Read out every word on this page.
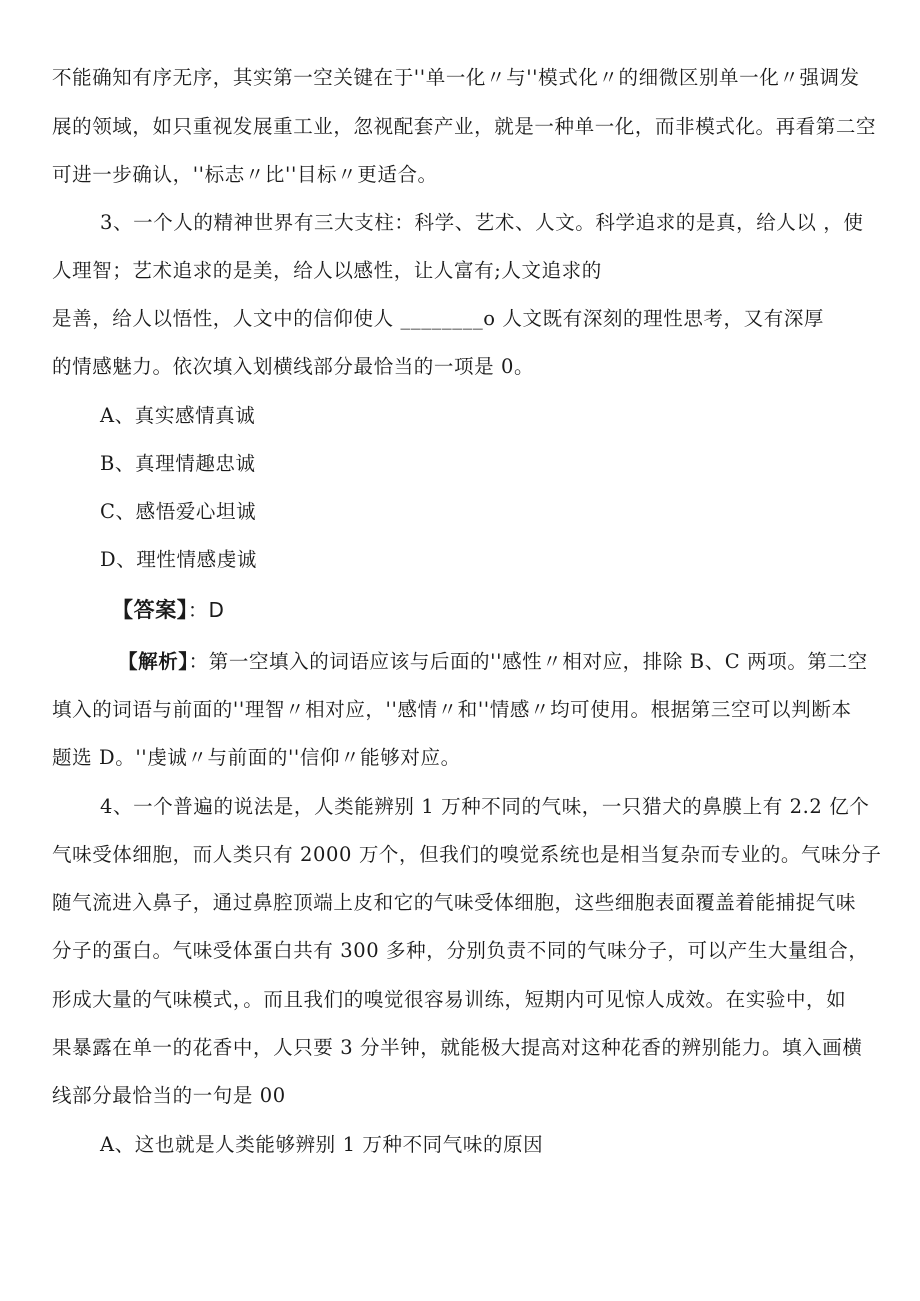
不能确知有序无序，其实第一空关键在于''单一化〃与''模式化〃的细微区别单一化〃强调发
展的领域，如只重视发展重工业，忽视配套产业，就是一种单一化，而非模式化。再看第二空
可进一步确认，''标志〃比''目标〃更适合。
3、一个人的精神世界有三大支柱：科学、艺术、人文。科学追求的是真，给人以 ，使
人理智；艺术追求的是美，给人以感性，让人富有;人文追求的
是善，给人以悟性，人文中的信仰使人 ________o 人文既有深刻的理性思考，又有深厚
的情感魅力。依次填入划横线部分最恰当的一项是 0。
A、真实感情真诚
B、真理情趣忠诚
C、感悟爱心坦诚
D、理性情感虔诚
【答案】：D
【解析】：第一空填入的词语应该与后面的''感性〃相对应，排除 B、C 两项。第二空
填入的词语与前面的''理智〃相对应，''感情〃和''情感〃均可使用。根据第三空可以判断本
题选 D。''虔诚〃与前面的''信仰〃能够对应。
4、一个普遍的说法是，人类能辨别 1 万种不同的气味，一只猎犬的鼻膜上有 2.2 亿个
气味受体细胞，而人类只有 2000 万个，但我们的嗅觉系统也是相当复杂而专业的。气味分子
随气流进入鼻子，通过鼻腔顶端上皮和它的气味受体细胞，这些细胞表面覆盖着能捕捉气味
分子的蛋白。气味受体蛋白共有 300 多种，分别负责不同的气味分子，可以产生大量组合，
形成大量的气味模式，。而且我们的嗅觉很容易训练，短期内可见惊人成效。在实验中，如
果暴露在单一的花香中，人只要 3 分半钟，就能极大提高对这种花香的辨别能力。填入画横
线部分最恰当的一句是 00
A、这也就是人类能够辨别 1 万种不同气味的原因
